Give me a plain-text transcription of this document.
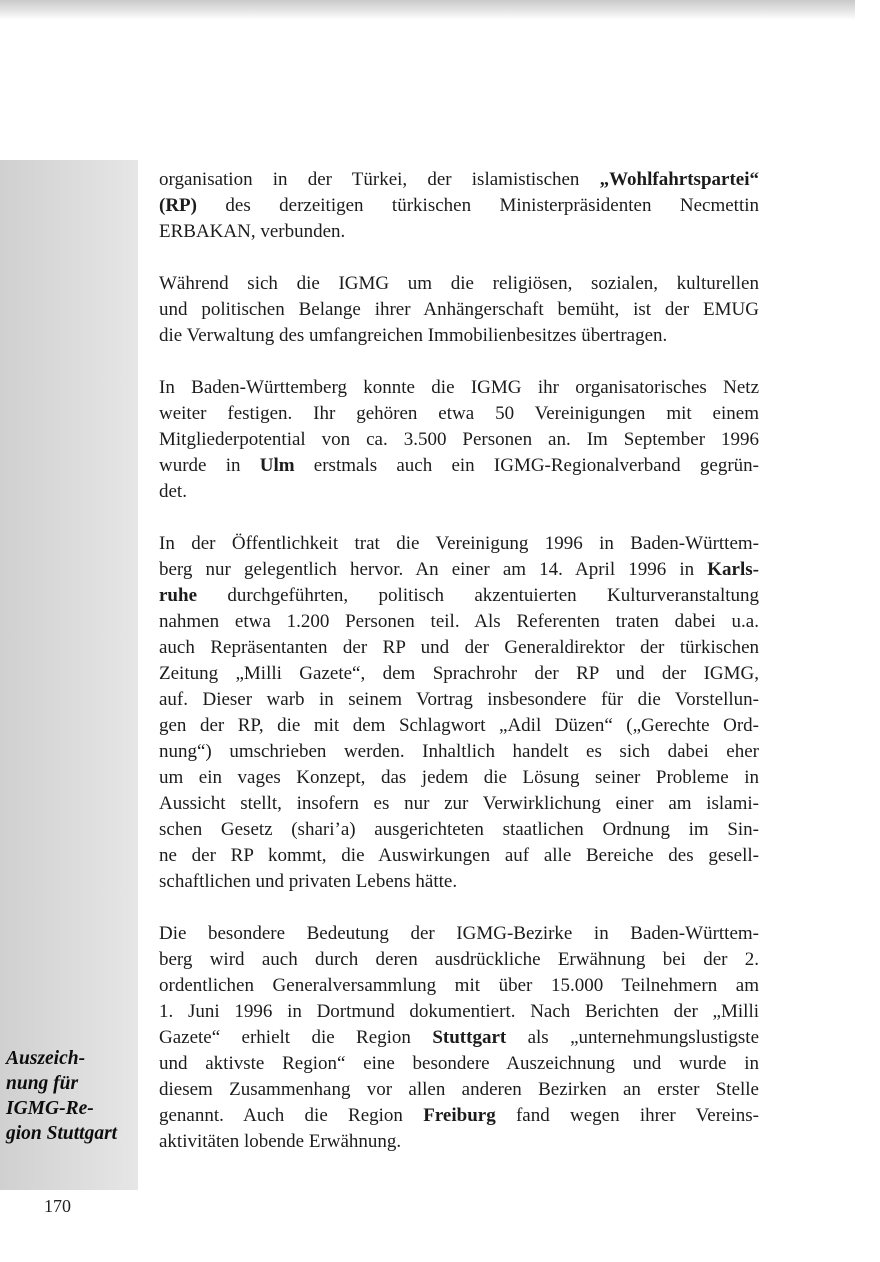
Auszeich-
nung für
IGMG-Re-
gion Stuttgart
170
organisation in der Türkei, der islamistischen „Wohlfahrtspartei“
(RP) des derzeitigen türkischen Ministerpräsidenten Necmettin
ERBAKAN, verbunden.
Während sich die IGMG um die religiösen, sozialen, kulturellen
und politischen Belange ihrer Anhängerschaft bemüht, ist der EMUG
die Verwaltung des umfangreichen Immobilienbesitzes übertragen.
In Baden-Württemberg konnte die IGMG ihr organisatorisches Netz
weiter festigen. Ihr gehören etwa 50 Vereinigungen mit einem
Mitgliederpotential von ca. 3.500 Personen an. Im September 1996
wurde in Ulm erstmals auch ein IGMG-Regionalverband gegrün-
det.
In der Öffentlichkeit trat die Vereinigung 1996 in Baden-Württem-
berg nur gelegentlich hervor. An einer am 14. April 1996 in Karls-
ruhe durchgeführten, politisch akzentuierten Kulturveranstaltung
nahmen etwa 1.200 Personen teil. Als Referenten traten dabei u.a.
auch Repräsentanten der RP und der Generaldirektor der türkischen
Zeitung „Milli Gazete“, dem Sprachrohr der RP und der IGMG,
auf. Dieser warb in seinem Vortrag insbesondere für die Vorstellun-
gen der RP, die mit dem Schlagwort „Adil Düzen“ („Gerechte Ord-
nung“) umschrieben werden. Inhaltlich handelt es sich dabei eher
um ein vages Konzept, das jedem die Lösung seiner Probleme in
Aussicht stellt, insofern es nur zur Verwirklichung einer am islami-
schen Gesetz (shari’a) ausgerichteten staatlichen Ordnung im Sin-
ne der RP kommt, die Auswirkungen auf alle Bereiche des gesell-
schaftlichen und privaten Lebens hätte.
Die besondere Bedeutung der IGMG-Bezirke in Baden-Württem-
berg wird auch durch deren ausdrückliche Erwähnung bei der 2.
ordentlichen Generalversammlung mit über 15.000 Teilnehmern am
1. Juni 1996 in Dortmund dokumentiert. Nach Berichten der „Milli
Gazete“ erhielt die Region Stuttgart als „unternehmungslustigste
und aktivste Region“ eine besondere Auszeichnung und wurde in
diesem Zusammenhang vor allen anderen Bezirken an erster Stelle
genannt. Auch die Region Freiburg fand wegen ihrer Vereins-
aktivitäten lobende Erwähnung.
